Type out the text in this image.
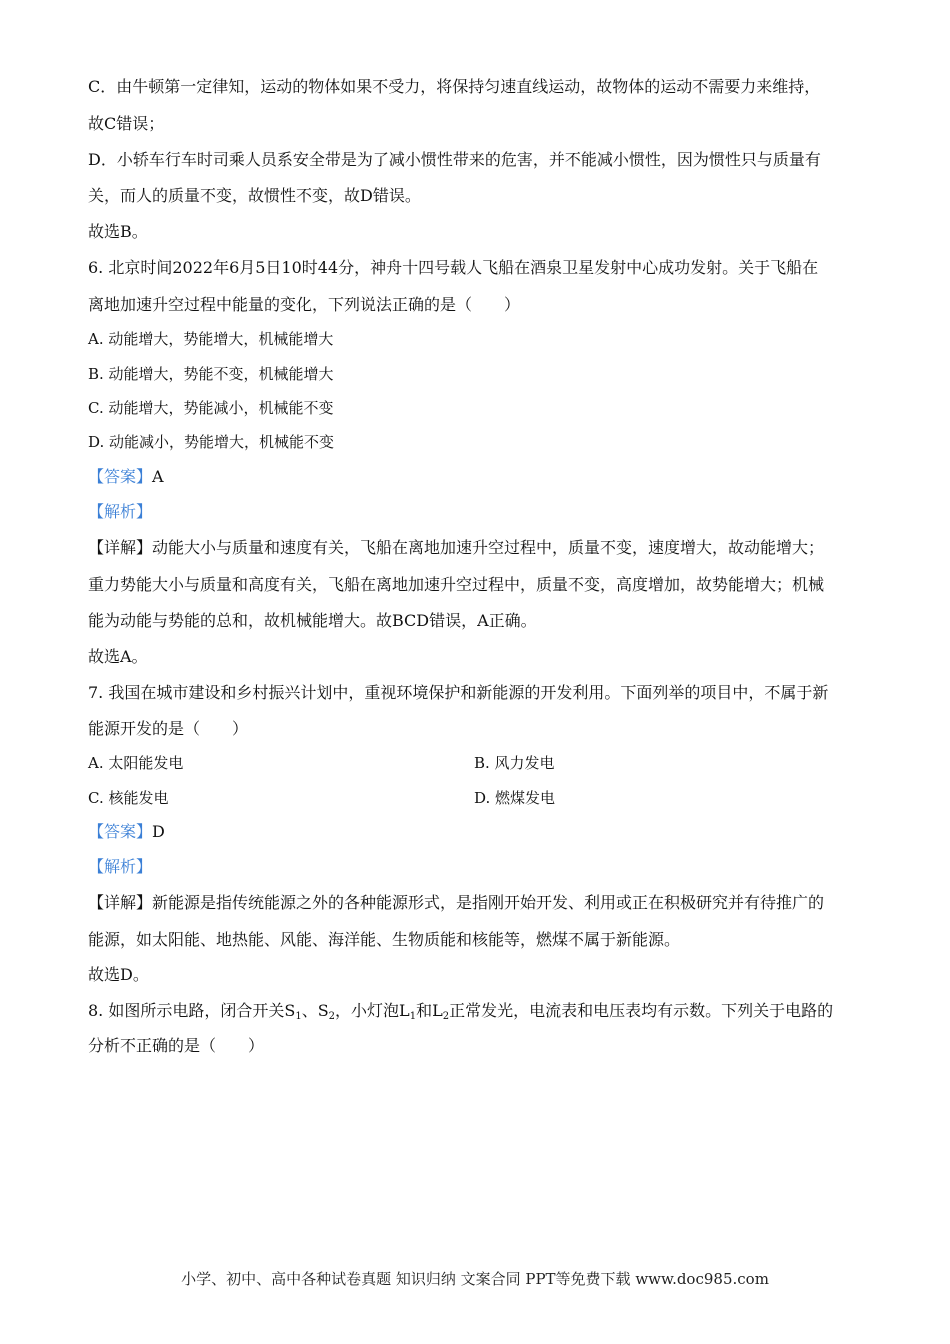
C．由牛顿第一定律知，运动的物体如果不受力，将保持匀速直线运动，故物体的运动不需要力来维持，
故C错误；
D．小轿车行车时司乘人员系安全带是为了减小惯性带来的危害，并不能减小惯性，因为惯性只与质量有
关，而人的质量不变，故惯性不变，故D错误。
故选B。
6. 北京时间2022年6月5日10时44分，神舟十四号载人飞船在酒泉卫星发射中心成功发射。关于飞船在
离地加速升空过程中能量的变化，下列说法正确的是（　　）
A. 动能增大，势能增大，机械能增大
B. 动能增大，势能不变，机械能增大
C. 动能增大，势能减小，机械能不变
D. 动能减小，势能增大，机械能不变
【答案】A
【解析】
【详解】动能大小与质量和速度有关，飞船在离地加速升空过程中，质量不变，速度增大，故动能增大；
重力势能大小与质量和高度有关，飞船在离地加速升空过程中，质量不变，高度增加，故势能增大；机械
能为动能与势能的总和，故机械能增大。故BCD错误，A正确。
故选A。
7. 我国在城市建设和乡村振兴计划中，重视环境保护和新能源的开发利用。下面列举的项目中，不属于新
能源开发的是（　　）
A. 太阳能发电	B. 风力发电
C. 核能发电	D. 燃煤发电
【答案】D
【解析】
【详解】新能源是指传统能源之外的各种能源形式，是指刚开始开发、利用或正在积极研究并有待推广的
能源，如太阳能、地热能、风能、海洋能、生物质能和核能等，燃煤不属于新能源。
故选D。
8. 如图所示电路，闭合开关$S_1$、$S_2$，小灯泡$L_1$和$L_2$正常发光，电流表和电压表均有示数。下列关于电路的
分析不正确的是（　　）
小学、初中、高中各种试卷真题 知识归纳 文案合同 PPT等免费下载 www.doc985.com
